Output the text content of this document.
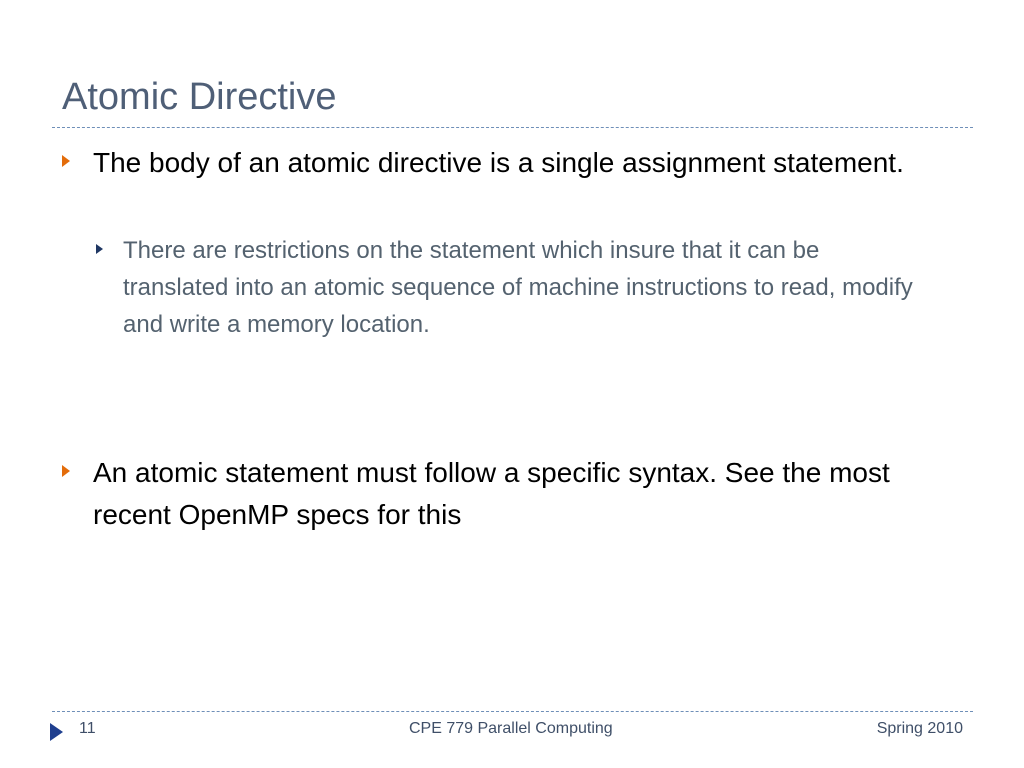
Atomic Directive
The body of an atomic directive is a single assignment statement.
There are restrictions on the statement which insure that it can be translated into an atomic sequence of machine instructions to read, modify and write a memory location.
An atomic statement must follow a specific syntax. See the most recent OpenMP specs for this
11	CPE 779 Parallel Computing	Spring 2010
